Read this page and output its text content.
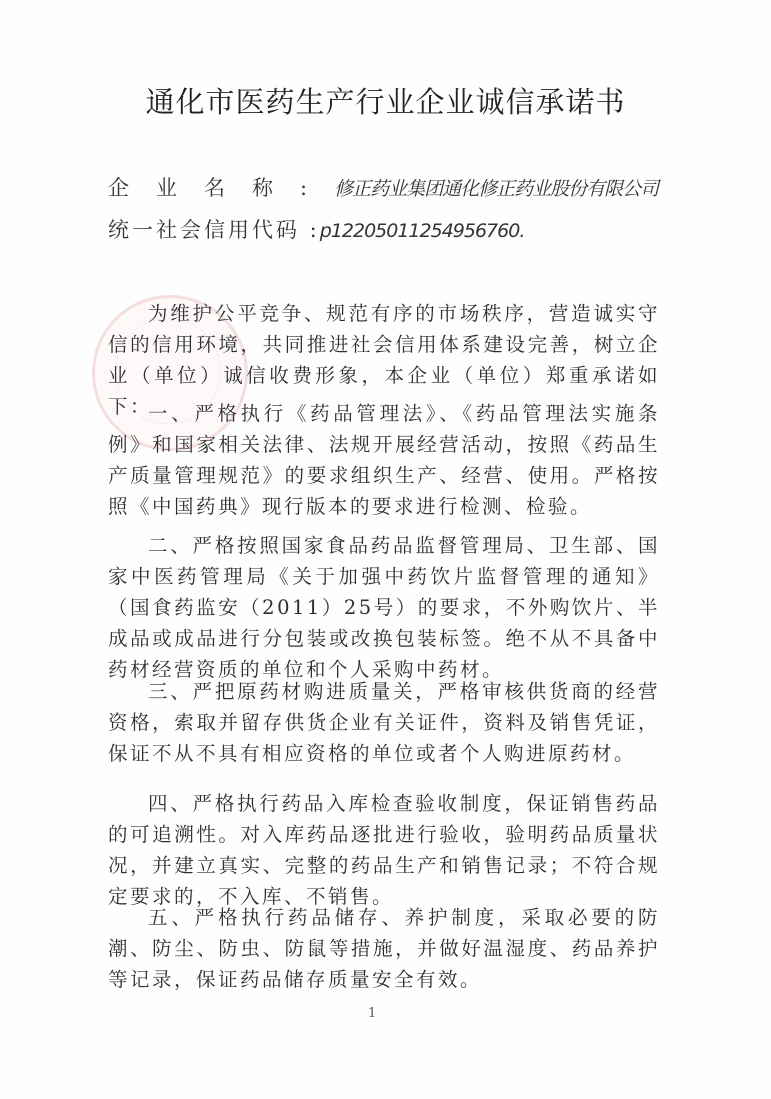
通化市医药生产行业企业诚信承诺书
企业名称:修正药业集团通化修正药业股份有限公司
统一社会信用代码 :p12205011254956760.
为维护公平竞争、规范有序的市场秩序，营造诚实守信的信用环境，共同推进社会信用体系建设完善，树立企业（单位）诚信收费形象，本企业（单位）郑重承诺如下：
一、严格执行《药品管理法》、《药品管理法实施条例》和国家相关法律、法规开展经营活动，按照《药品生产质量管理规范》的要求组织生产、经营、使用。严格按照《中国药典》现行版本的要求进行检测、检验。
二、严格按照国家食品药品监督管理局、卫生部、国家中医药管理局《关于加强中药饮片监督管理的通知》（国食药监安（2011）25号）的要求，不外购饮片、半成品或成品进行分包装或改换包装标签。绝不从不具备中药材经营资质的单位和个人采购中药材。
三、严把原药材购进质量关，严格审核供货商的经营资格，索取并留存供货企业有关证件，资料及销售凭证，保证不从不具有相应资格的单位或者个人购进原药材。
四、严格执行药品入库检查验收制度，保证销售药品的可追溯性。对入库药品逐批进行验收，验明药品质量状况，并建立真实、完整的药品生产和销售记录；不符合规定要求的，不入库、不销售。
五、严格执行药品储存、养护制度，采取必要的防潮、防尘、防虫、防鼠等措施，并做好温湿度、药品养护等记录，保证药品储存质量安全有效。
1
